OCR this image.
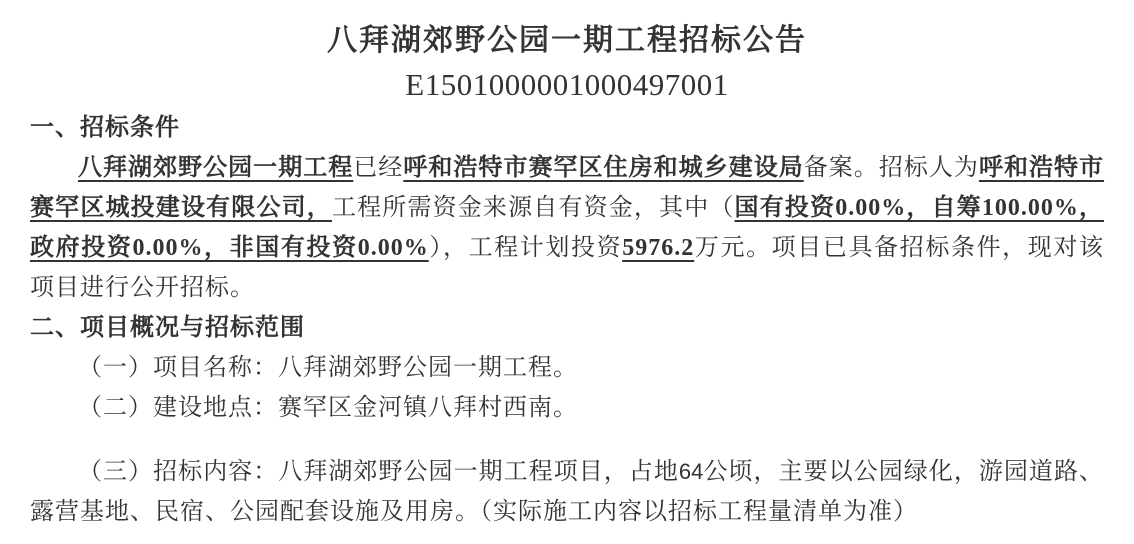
八拜湖郊野公园一期工程招标公告
E1501000001000497001
一、招标条件

八拜湖郊野公园一期工程已经呼和浩特市赛罕区住房和城乡建设局备案。招标人为呼和浩特市赛罕区城投建设有限公司，工程所需资金来源自有资金，其中（国有投资0.00%，自筹100.00%，政府投资0.00%，非国有投资0.00%），工程计划投资5976.2万元。项目已具备招标条件，现对该项目进行公开招标。

二、项目概况与招标范围

（一）项目名称：八拜湖郊野公园一期工程。

（二）建设地点：赛罕区金河镇八拜村西南。

（三）招标内容：八拜湖郊野公园一期工程项目，占地64公顷，主要以公园绿化，游园道路、露营基地、民宿、公园配套设施及用房。（实际施工内容以招标工程量清单为准）
